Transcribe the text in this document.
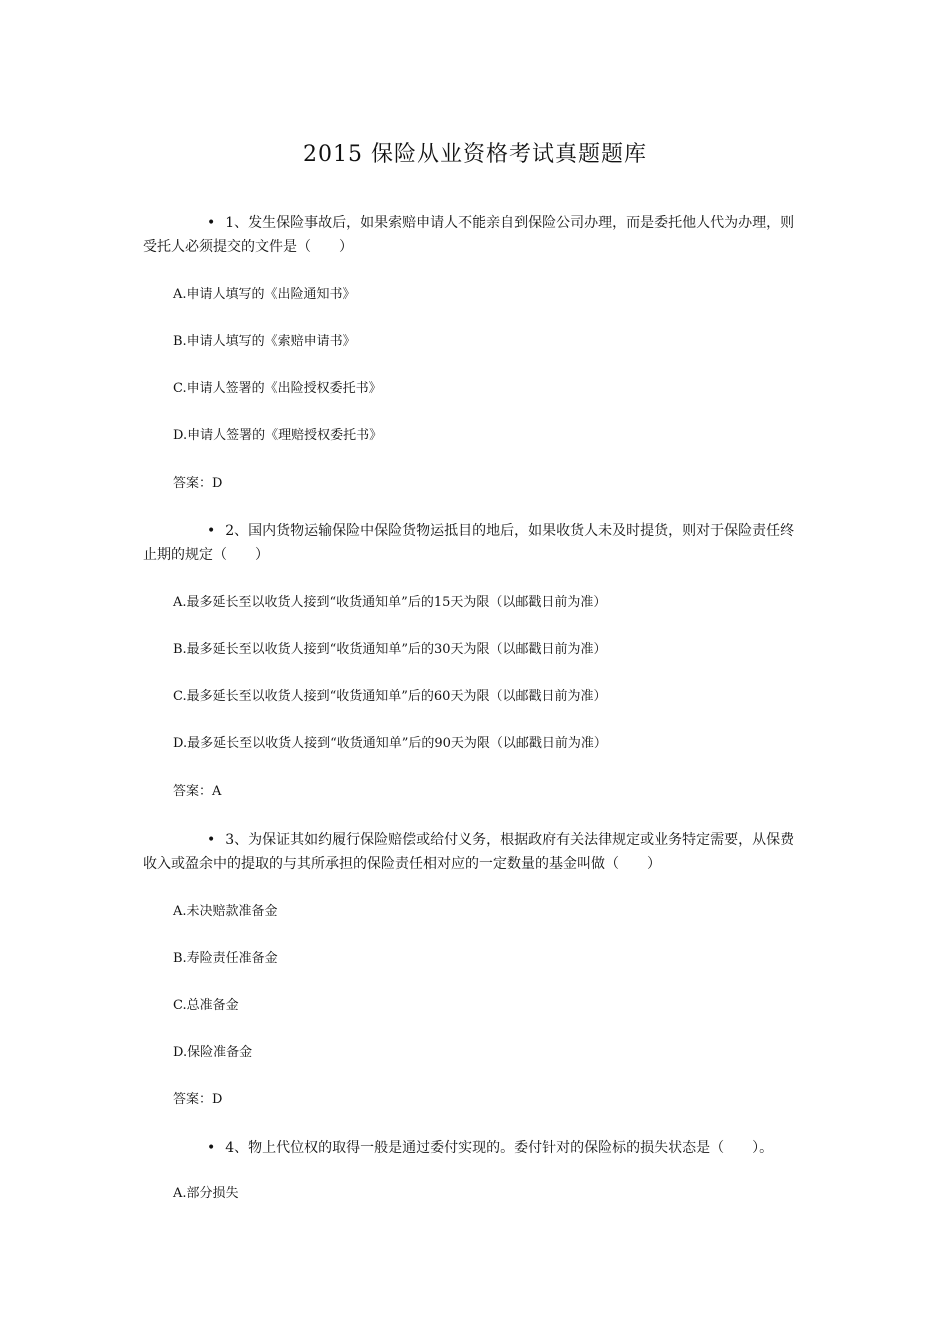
2015 保险从业资格考试真题题库
• 1、发生保险事故后，如果索赔申请人不能亲自到保险公司办理，而是委托他人代为办理，则受托人必须提交的文件是（　　）
A.申请人填写的《出险通知书》
B.申请人填写的《索赔申请书》
C.申请人签署的《出险授权委托书》
D.申请人签署的《理赔授权委托书》
答案：D
• 2、国内货物运输保险中保险货物运抵目的地后，如果收货人未及时提货，则对于保险责任终止期的规定（　　）
A.最多延长至以收货人接到“收货通知单”后的15天为限（以邮戳日前为准）
B.最多延长至以收货人接到“收货通知单”后的30天为限（以邮戳日前为准）
C.最多延长至以收货人接到“收货通知单”后的60天为限（以邮戳日前为准）
D.最多延长至以收货人接到“收货通知单”后的90天为限（以邮戳日前为准）
答案：A
• 3、为保证其如约履行保险赔偿或给付义务，根据政府有关法律规定或业务特定需要，从保费收入或盈余中的提取的与其所承担的保险责任相对应的一定数量的基金叫做（　　）
A.未决赔款准备金
B.寿险责任准备金
C.总准备金
D.保险准备金
答案：D
• 4、物上代位权的取得一般是通过委付实现的。委付针对的保险标的损失状态是（　　）。
A.部分损失
